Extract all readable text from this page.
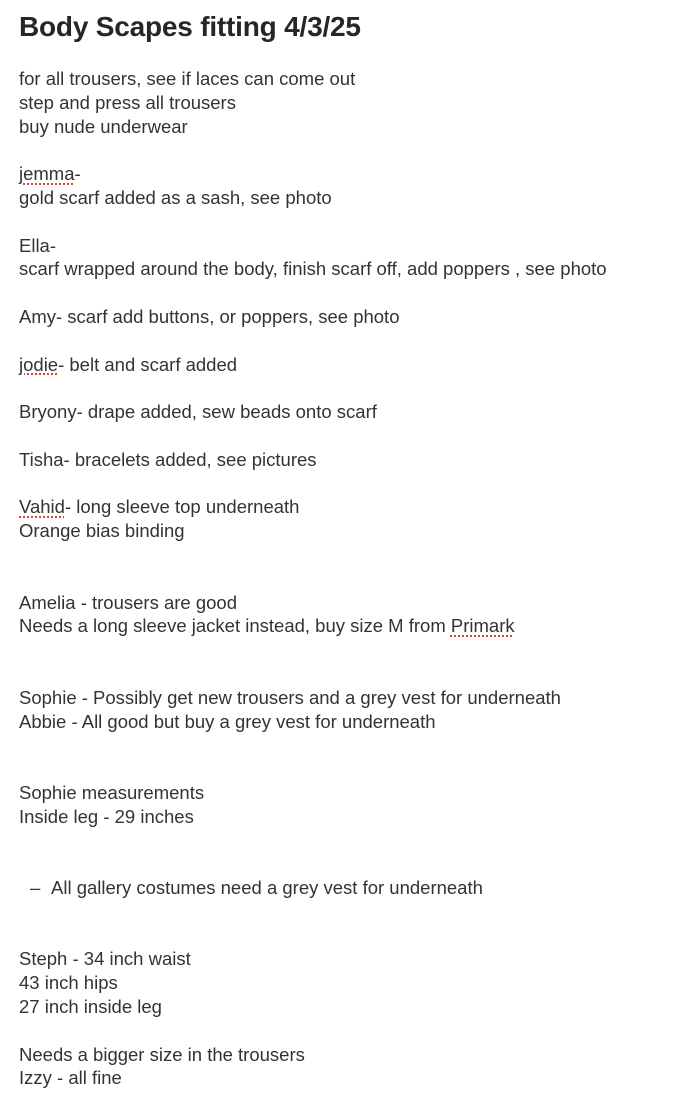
Body Scapes fitting 4/3/25
for all trousers, see if laces can come out
step and press all trousers
buy nude underwear
jemma-
gold scarf added as a sash, see photo
Ella-
scarf wrapped around the body, finish scarf off, add poppers , see photo
Amy- scarf add buttons, or poppers, see photo
jodie- belt and scarf added
Bryony- drape added, sew beads onto scarf
Tisha- bracelets added, see pictures
Vahid- long sleeve top underneath
Orange bias binding
Amelia - trousers are good
Needs a long sleeve jacket instead, buy size M from Primark
Sophie - Possibly get new trousers and a grey vest for underneath
Abbie - All good but buy a grey vest for underneath
Sophie measurements
Inside leg - 29 inches
– All gallery costumes need a grey vest for underneath
Steph - 34 inch waist
43 inch hips
27 inch inside leg
Needs a bigger size in the trousers
Izzy - all fine
